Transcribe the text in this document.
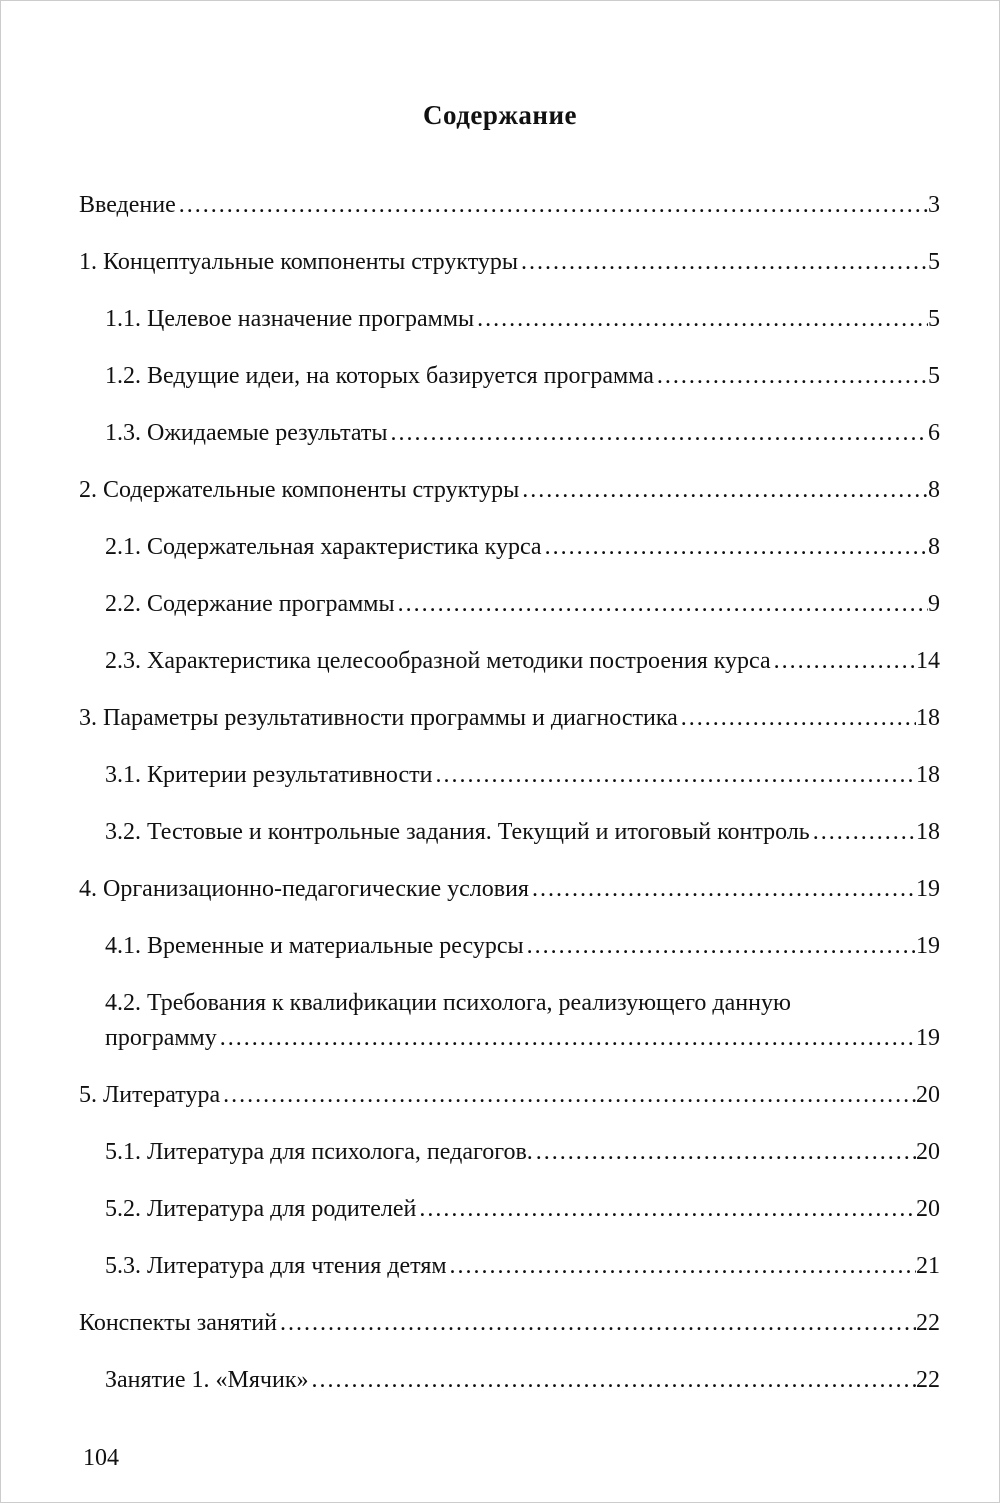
Содержание
Введение .....	3
1. Концептуальные компоненты структуры .....	5
1.1. Целевое назначение программы .....	5
1.2. Ведущие идеи, на которых базируется программа .....	5
1.3. Ожидаемые результаты .....	6
2. Содержательные компоненты структуры .....	8
2.1. Содержательная характеристика курса .....	8
2.2. Содержание программы .....	9
2.3. Характеристика целесообразной методики построения курса .....	14
3. Параметры результативности программы и диагностика .....	18
3.1. Критерии результативности .....	18
3.2. Тестовые и контрольные задания. Текущий и итоговый контроль .....	18
4. Организационно-педагогические условия .....	19
4.1. Временные и материальные ресурсы .....	19
4.2. Требования к квалификации психолога, реализующего данную
программу .....	19
5. Литература .....	20
5.1. Литература для психолога, педагогов. .....	20
5.2. Литература для родителей .....	20
5.3. Литература для чтения детям .....	21
Конспекты занятий .....	22
Занятие 1. «Мячик» .....	22
104
